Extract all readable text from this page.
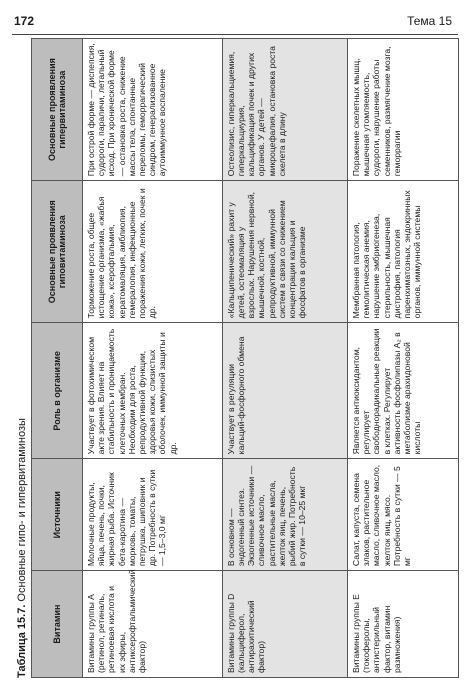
172	Тема 15
Таблица 15.7. Основные гипо- и гипервитаминозы
Витамин	Источники	Роль в организме	Основные проявления гиповитаминоза	Основные проявления гипервитаминоза
Витамины группы А (ретинол, ретиналь, ретиноевая кислота и их эфиры, антиксерофтальмический фактор)	Молочные продукты, яйца, печень, почки, жирная рыба. Источник бета-каротина — морковь, томаты, петрушка, шиповник и др. Потребность в сутки — 1,5–3,0 мг	Участвует в фотохимическом акте зрения. Влияет на стабильность и проницаемость клеточных мембран. Необходим для роста, репродуктивной функции, здоровья кожи, слизистых оболочек, иммунной защиты и др.	Торможение роста, общее истощение организма, «жабья кожа», ксерофтальмия, кератомаляция, амблиопия, гемералопия, инфекционные поражения кожи, легких, почек и др.	При острой форме — диспепсия, судороги, параличи, летальный исход. При хронической форме — остановка роста, снижение массы тела, спонтанные переломы, геморрагический синдром, генерализованное аутоиммунное воспаление
Витамины группы D (кальциферол, антирахитический фактор)	В основном — эндогенный синтез. Экзогенные источники — сливочное масло, растительные масла, желток яиц, печень, рыбий жир. Потребность в сутки — 10–25 мкг	Участвует в регуляции кальций-фосфорного обмена	«Кальципенический» рахит у детей, остеомаляция у взрослых. Нарушения нервной, мышечной, костной, репродуктивной, иммунной систем в связи со снижением концентрации кальция и фосфатов в организме	Остеолизис, гиперкальциемия, гиперкальциурия, кальцификация почек и других органов. У детей — микроцефалия, остановка роста скелета в длину
Витамины группы Е (токоферолы, антистерильный фактор, витамин размножения)	Салат, капуста, семена злаков, растительное масло, сливочное масло, желток яиц, мясо. Потребность в сутки — 5 мг	Является антиоксидантом, регулирует свободнорадикальные реакции в клетках. Регулирует активность фосфолипазы А₂ в метаболизме арахидоновой кислоты	Мембранная патология, гемолитическая анемия, нарушение эмбриогенеза, стерильность, мышечная дистрофия, патология паренхиматозных, эндокринных органов, иммунной системы	Поражение скелетных мышц, мышечная утомляемость, судороги, нарушение работы семенников, размягчение мозга, геморрагии
